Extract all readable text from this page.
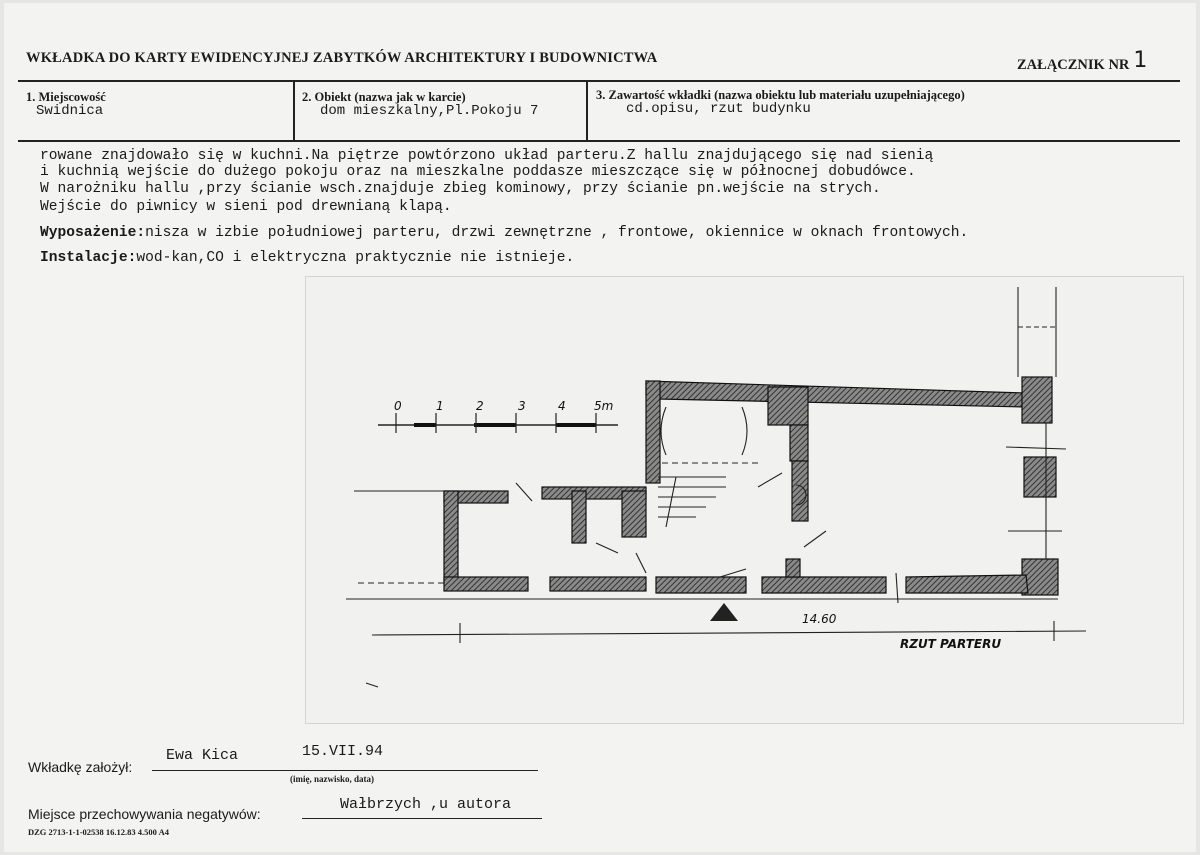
WKŁADKA DO KARTY EWIDENCYJNEJ ZABYTKÓW ARCHITEKTURY I BUDOWNICTWA	ZAŁĄCZNIK NR 1
1. Miejscowość
Swidnica
2. Obiekt (nazwa jak w karcie)
dom mieszkalny,Pl.Pokoju 7
3. Zawartość wkładki (nazwa obiektu lub materiału uzupełniającego)
cd.opisu, rzut budynku
rowane znajdowało się w kuchni.Na piętrze powtórzono układ parteru.Z hallu znajdującego się nad sienią
i kuchnią wejście do dużego pokoju oraz na mieszkalne poddasze mieszczące się w północnej dobudówce.
W narożniku hallu ,przy ścianie wsch.znajduje zbieg kominowy, przy ścianie pn.wejście na strych.
Wejście do piwnicy w sieni pod drewnianą klapą.
Wyposażenie:nisza w izbie południowej parteru, drzwi zewnętrzne , frontowe, okiennice w oknach frontowych.
Instalacje:wod-kan,CO i elektryczna praktycznie nie istnieje.
0	1	2	3	4 5m
14.60
RZUT PARTERU
Wkładkę założył:
Ewa Kica	15.VII.94
(imię, nazwisko, data)
Miejsce przechowywania negatywów:
Wałbrzych ,u autora
DZG 2713-1-1-02538 16.12.83 4.500 A4
